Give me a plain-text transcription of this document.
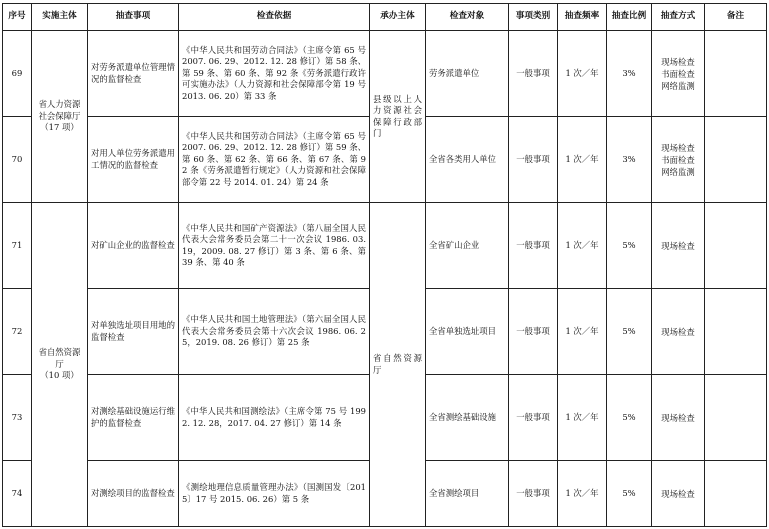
序号	实施主体	抽查事项	检查依据	承办主体	检查对象	事项类别	抽查频率	抽查比例	抽查方式	备注
69	省人力资源
社会保障厅
（17 项）	对劳务派遣单位管理情况的监督检查	《中华人民共和国劳动合同法》（主席令第 65 号 2007. 06. 29、2012. 12. 28 修订）第 58 条、第 59 条、第 60 条、第 92 条《劳务派遣行政许可实施办法》（人力资源和社会保障部令第 19 号 2013. 06. 20）第 33 条	县级以上人力资源社会保障行政部门	劳务派遣单位	一般事项	1 次／年	3%	现场检查
书面检查
网络监测	

70		对用人单位劳务派遣用工情况的监督检查	《中华人民共和国劳动合同法》（主席令第 65 号 2007. 06. 29、2012. 12. 28 修订）第 59 条、第 60 条、第 62 条、第 66 条、第 67 条、第 92 条《劳务派遣暂行规定》（人力资源和社会保障部令第 22 号 2014. 01. 24）第 24 条		全省各类用人单位	一般事项	1 次／年	3%	现场检查
书面检查
网络监测	

71	省自然资源厅
（10 项）	对矿山企业的监督检查	《中华人民共和国矿产资源法》（第八届全国人民代表大会常务委员会第二十一次会议 1986. 03. 19，2009. 08. 27 修订）第 3 条、第 6 条、第 39 条、第 40 条	省自然资源厅	全省矿山企业	一般事项	1 次／年	5%	现场检查	

72		对单独选址项目用地的监督检查	《中华人民共和国土地管理法》（第六届全国人民代表大会常务委员会第十六次会议 1986. 06. 25，2019. 08. 26 修订）第 25 条		全省单独选址项目	一般事项	1 次／年	5%	现场检查	

73		对测绘基础设施运行维护的监督检查	《中华人民共和国测绘法》（主席令第 75 号 1992. 12. 28，2017. 04. 27 修订）第 14 条		全省测绘基础设施	一般事项	1 次／年	5%	现场检查	

74		对测绘项目的监督检查	《测绘地理信息质量管理办法》（国测国发〔2015〕17 号 2015. 06. 26）第 5 条		全省测绘项目	一般事项	1 次／年	5%	现场检查	
